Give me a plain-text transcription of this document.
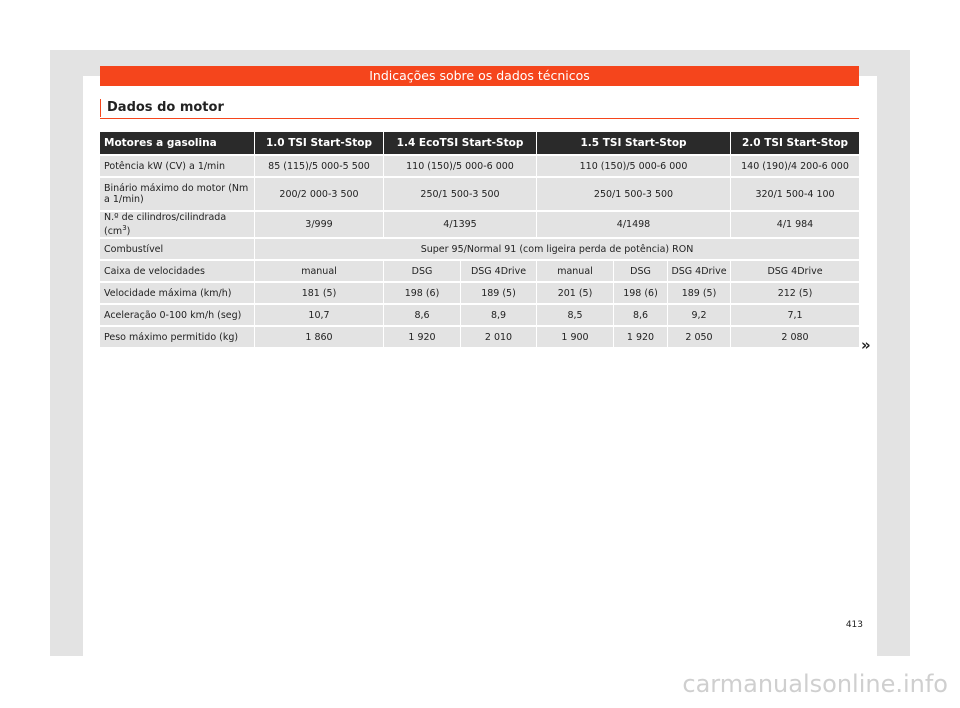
Indicações sobre os dados técnicos
Dados do motor
Motores a gasolina	1.0 TSI Start-Stop	1.4 EcoTSI Start-Stop		1.5 TSI Start-Stop			2.0 TSI Start-Stop
Potência kW (CV) a 1/min	85 (115)/5 000-5 500	110 (150)/5 000-6 000		110 (150)/5 000-6 000			140 (190)/4 200-6 000
Binário máximo do motor (Nm a 1/min)	200/2 000-3 500	250/1 500-3 500		250/1 500-3 500			320/1 500-4 100
N.º de cilindros/cilindrada $(cm^3)$	3/999	4/1395		4/1498			4/1 984
Combustível	Super 95/Normal 91 (com ligeira perda de potência) RON						
Caixa de velocidades	manual	DSG	DSG 4Drive	manual	DSG	DSG 4Drive	DSG 4Drive
Velocidade máxima (km/h)	181 (5)	198 (6)	189 (5)	201 (5)	198 (6)	189 (5)	212 (5)
Aceleração 0-100 km/h (seg)	10,7	8,6	8,9	8,5	8,6	9,2	7,1
Peso máximo permitido (kg)	1 860	1 920	2 010	1 900	1 920	2 050	2 080	»
413
carmanualsonline.info
